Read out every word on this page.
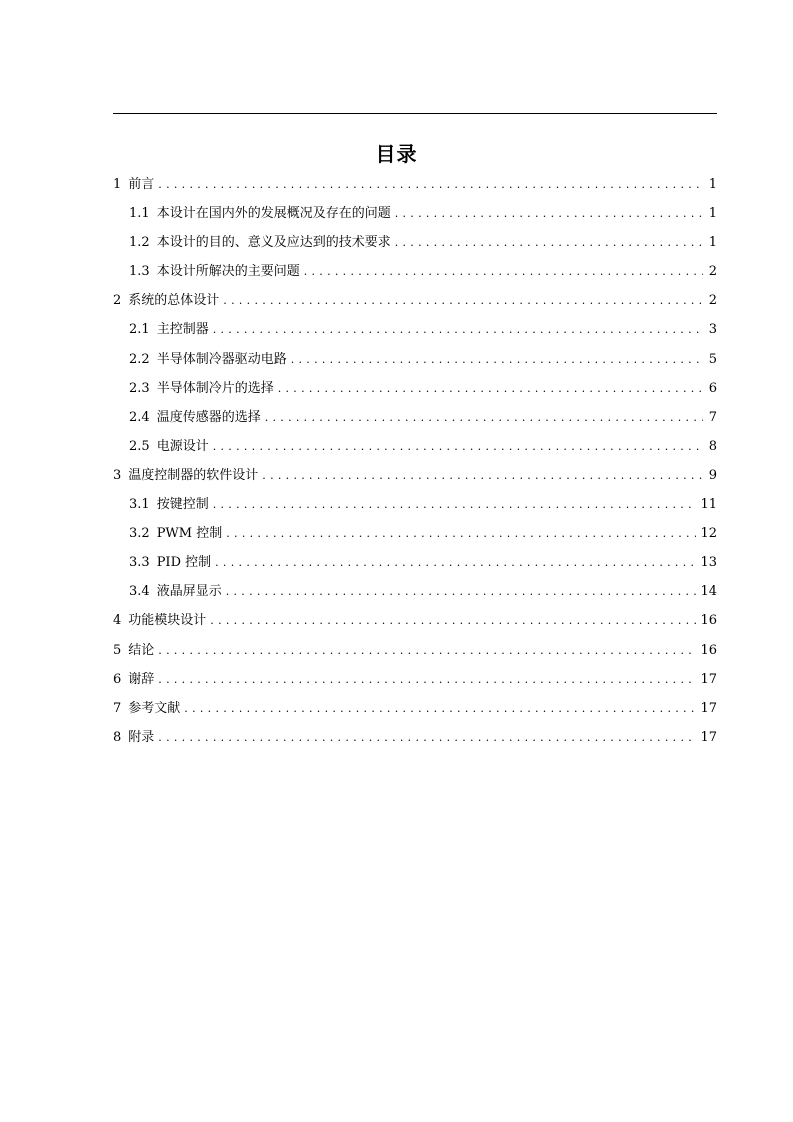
目录
1 前言 . . .	1
1.1 本设计在国内外的发展概况及存在的问题 . . .	1
1.2 本设计的目的、意义及应达到的技术要求 . . .	1
1.3 本设计所解决的主要问题 . . .	2
2 系统的总体设计 . . .	2
2.1 主控制器 . . .	3
2.2 半导体制冷器驱动电路 . . .	5
2.3 半导体制冷片的选择 . . .	6
2.4 温度传感器的选择 . . .	7
2.5 电源设计 . . .	8
3 温度控制器的软件设计 . . .	9
3.1 按键控制 . . .	11
3.2 PWM 控制 . . .	12
3.3 PID 控制 . . .	13
3.4 液晶屏显示 . . .	14
4 功能模块设计 . . .	16
5 结论 . . .	16
6 谢辞 . . .	17
7 参考文献 . . .	17
8 附录 . . .	17
